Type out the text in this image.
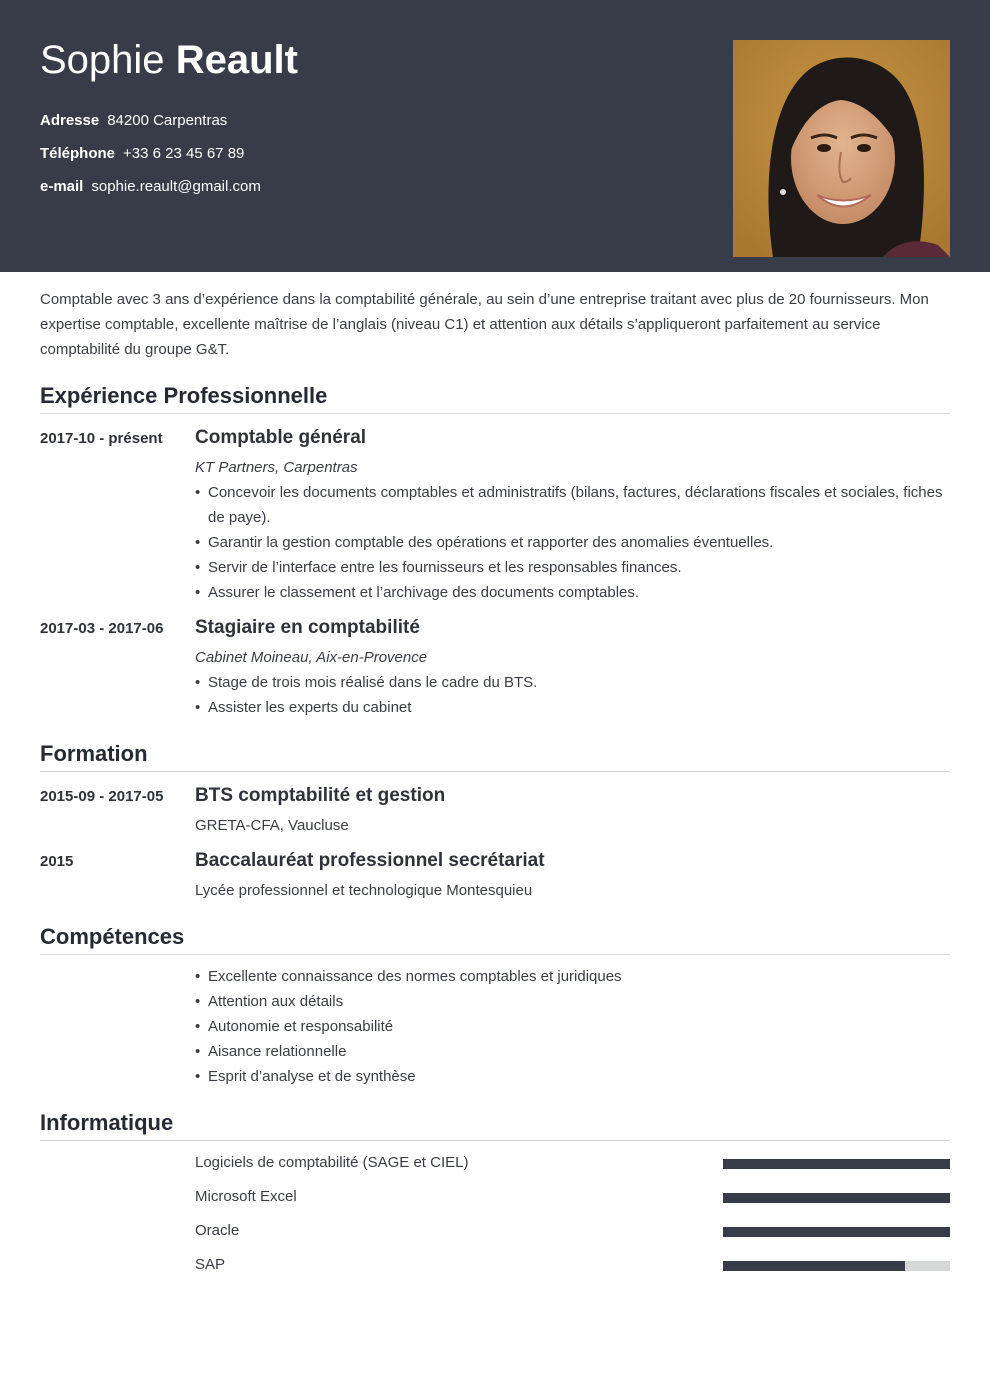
Sophie Reault
Adresse 84200 Carpentras
Téléphone +33 6 23 45 67 89
e-mail sophie.reault@gmail.com

Comptable avec 3 ans d’expérience dans la comptabilité générale, au sein d’une entreprise traitant avec plus de 20 fournisseurs. Mon expertise comptable, excellente maîtrise de l’anglais (niveau C1) et attention aux détails s’appliqueront parfaitement au service comptabilité du groupe G&T.

Expérience Professionnelle
2017-10 - présent Comptable général
KT Partners, Carpentras
• Concevoir les documents comptables et administratifs (bilans, factures, déclarations fiscales et sociales, fiches de paye).
• Garantir la gestion comptable des opérations et rapporter des anomalies éventuelles.
• Servir de l’interface entre les fournisseurs et les responsables finances.
• Assurer le classement et l’archivage des documents comptables.
2017-03 - 2017-06 Stagiaire en comptabilité
Cabinet Moineau, Aix-en-Provence
• Stage de trois mois réalisé dans le cadre du BTS.
• Assister les experts du cabinet
Formation
2015-09 - 2017-05 BTS comptabilité et gestion
GRETA-CFA, Vaucluse
2015	Baccalauréat professionnel secrétariat
Lycée professionnel et technologique Montesquieu
Compétences
• Excellente connaissance des normes comptables et juridiques
• Attention aux détails
• Autonomie et responsabilité
• Aisance relationnelle
• Esprit d’analyse et de synthèse
Informatique
Logiciels de comptabilité (SAGE et CIEL)
Microsoft Excel
Oracle
SAP
